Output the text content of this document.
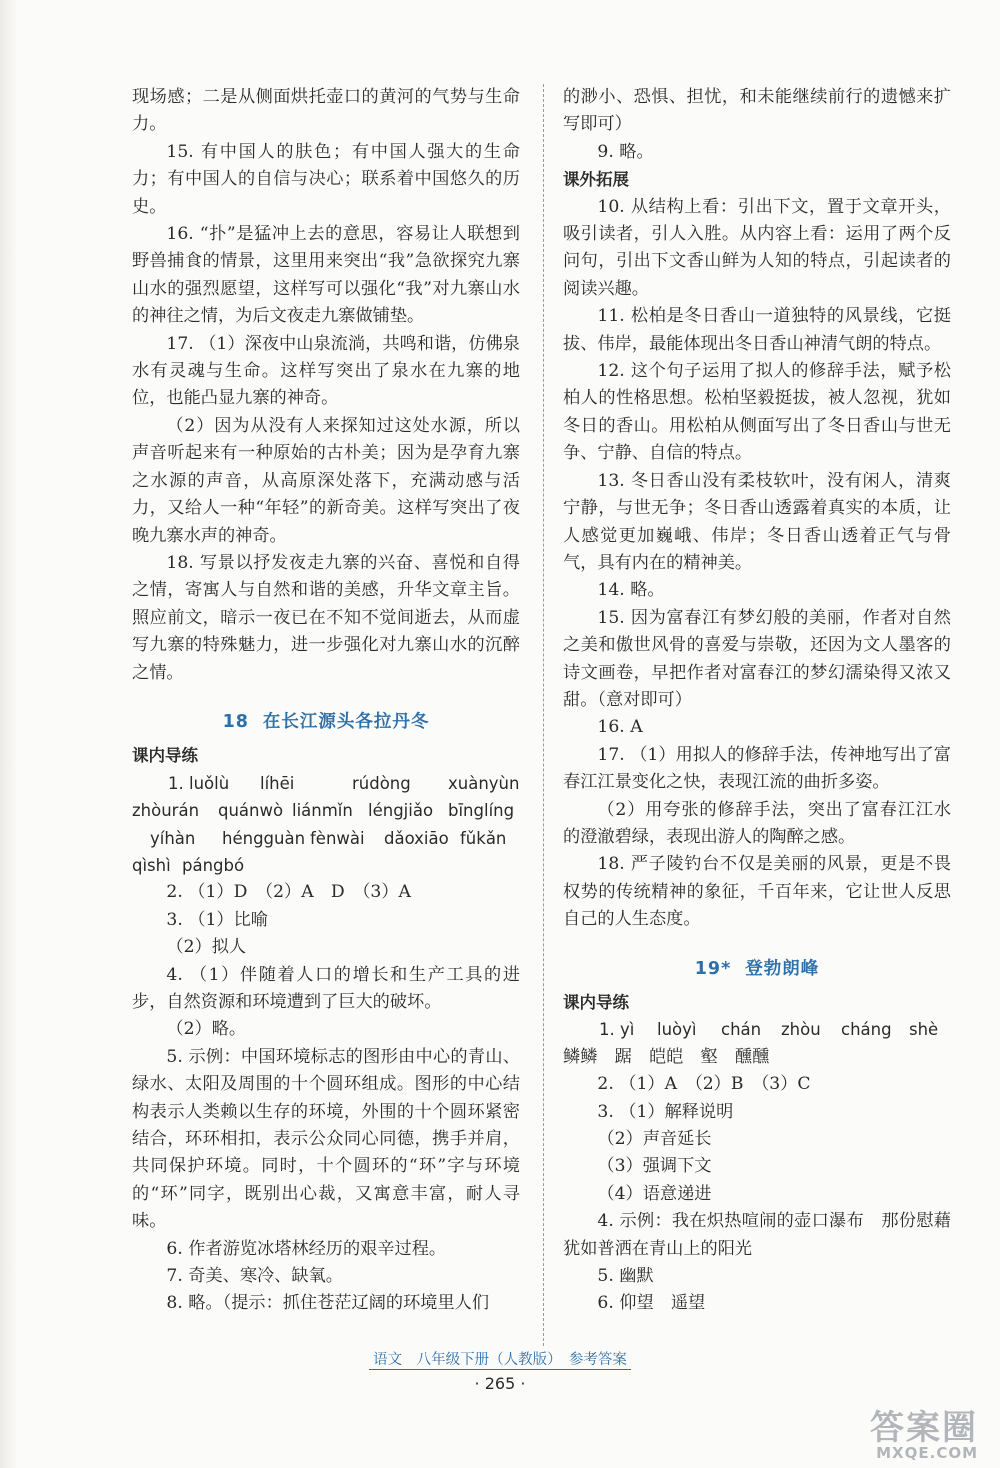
现场感；二是从侧面烘托壶口的黄河的气势与生命力。

15. 有中国人的肤色；有中国人强大的生命力；有中国人的自信与决心；联系着中国悠久的历史。

16. “扑”是猛冲上去的意思，容易让人联想到野兽捕食的情景，这里用来突出“我”急欲探究九寨山水的强烈愿望，这样写可以强化“我”对九寨山水的神往之情，为后文夜走九寨做铺垫。

17. （1）深夜中山泉流淌，共鸣和谐，仿佛泉水有灵魂与生命。这样写突出了泉水在九寨的地位，也能凸显九寨的神奇。

（2）因为从没有人来探知过这处水源，所以声音听起来有一种原始的古朴美；因为是孕育九寨之水源的声音，从高原深处落下，充满动感与活力，又给人一种“年轻”的新奇美。这样写突出了夜晚九寨水声的神奇。

18. 写景以抒发夜走九寨的兴奋、喜悦和自得之情，寄寓人与自然和谐的美感，升华文章主旨。照应前文，暗示一夜已在不知不觉间逝去，从而虚写九寨的特殊魅力，进一步强化对九寨山水的沉醉之情。

18 在长江源头各拉丹冬

课内导练

1. luǒlù líhēi	rúdòng xuànyùn

zhòurán quánwò liánmǐn léngjiǎo bīnglíng

yíhàn héngguàn fènwài dǎoxiāo fǔkǎn

qìshì pángbó

2. （1）D　（2）A　D　（3）A

3. （1）比喻

（2）拟人

4. （1）伴随着人口的增长和生产工具的进步，自然资源和环境遭到了巨大的破坏。

（2）略。

5. 示例：中国环境标志的图形由中心的青山、绿水、太阳及周围的十个圆环组成。图形的中心结构表示人类赖以生存的环境，外围的十个圆环紧密结合，环环相扣，表示公众同心同德，携手并肩，共同保护环境。同时，十个圆环的“环”字与环境的“环”同字，既别出心裁，又寓意丰富，耐人寻味。

6. 作者游览冰塔林经历的艰辛过程。

7. 奇美、寒冷、缺氧。

8. 略。（提示：抓住苍茫辽阔的环境里人们

的渺小、恐惧、担忧，和未能继续前行的遗憾来扩写即可）

9. 略。

课外拓展

10. 从结构上看：引出下文，置于文章开头，吸引读者，引人入胜。从内容上看：运用了两个反问句，引出下文香山鲜为人知的特点，引起读者的阅读兴趣。

11. 松柏是冬日香山一道独特的风景线，它挺拔、伟岸，最能体现出冬日香山神清气朗的特点。

12. 这个句子运用了拟人的修辞手法，赋予松柏人的性格思想。松柏坚毅挺拔，被人忽视，犹如冬日的香山。用松柏从侧面写出了冬日香山与世无争、宁静、自信的特点。

13. 冬日香山没有柔枝软叶，没有闲人，清爽宁静，与世无争；冬日香山透露着真实的本质，让人感觉更加巍峨、伟岸；冬日香山透着正气与骨气，具有内在的精神美。

14. 略。

15. 因为富春江有梦幻般的美丽，作者对自然之美和傲世风骨的喜爱与崇敬，还因为文人墨客的诗文画卷，早把作者对富春江的梦幻濡染得又浓又甜。（意对即可）

16. A

17. （1）用拟人的修辞手法，传神地写出了富春江江景变化之快，表现江流的曲折多姿。

（2）用夸张的修辞手法，突出了富春江江水的澄澈碧绿，表现出游人的陶醉之感。

18. 严子陵钓台不仅是美丽的风景，更是不畏权势的传统精神的象征，千百年来，它让世人反思自己的人生态度。

19* 登勃朗峰

课内导练

1. yì luòyì chán zhòu cháng shè

鳞鳞　踞　皑皑　壑　醺醺

2. （1）A　（2）B　（3）C

3. （1）解释说明

（2）声音延长

（3）强调下文

（4）语意递进

4. 示例：我在炽热喧闹的壶口瀑布　那份慰藉犹如普洒在青山上的阳光

5. 幽默

6. 仰望　遥望

语文　八年级下册（人教版）　参考答案
· 265 ·
答案圈
MXQE.COM
